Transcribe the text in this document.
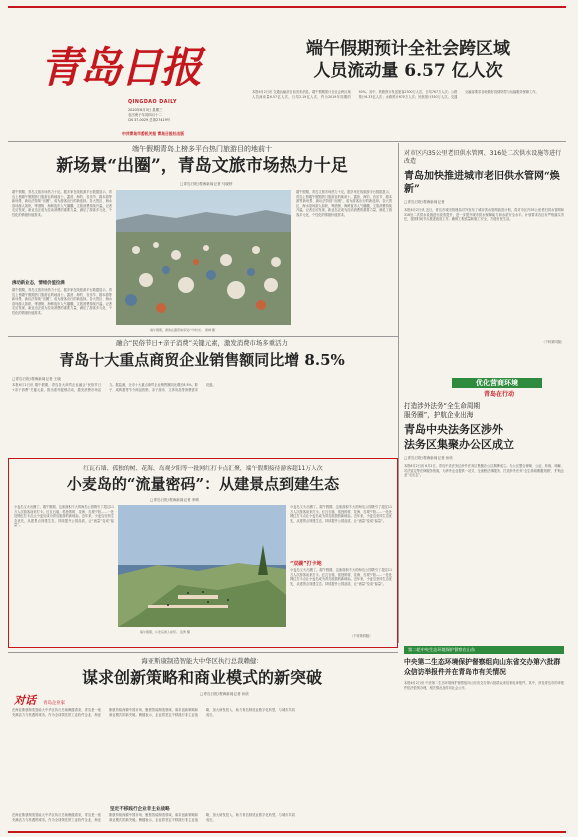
青岛日报
QINGDAO DAILY
2020年6月3日 星期三
农历庚子年闰四月十二
CN 37-0029 总第27419号
中共青岛市委机关报 青岛日报社出版
端午假期预计全社会跨区域
人员流动量 6.57 亿人次
本报6月2日讯 交通运输部日前发布消息，端午假期预计全社会跨区域人员流动量6.57亿人次，日均2.19亿人次，约为2019年同期的50%。其中，铁路预计发送旅客2300万人次，日均767万人次；公路预计6.33亿人次；水路预计670万人次；民航预计350万人次。交通运输部要求各地做好疫情防控与运输服务保障工作。
端午假期青岛上榜多平台热门旅游目的地前十
新场景“出圈”，青岛文旅市场热力十足
□青岛日报/观海新闻记者 马晓婷
端午假期，青岛文旅市场热力十足。据多家在线旅游平台数据显示，青岛上榜端午假期热门旅游目的地前十。露营、海钓、音乐节、剧本游等新场景、新玩法持续“出圈”，成为游客出行的新选择。各大景区、海水浴场游人如织，啤酒街、海鲜夜市人气爆棚，文旅消费持续升温。记者走访发现，新业态正成为拉动消费的重要力量，满足了游客多元化、个性化的情绪价值需求。
沸动新业态，情绪价值拉满
端午假期，青岛文旅市场热力十足。据多家在线旅游平台数据显示，青岛上榜端午假期热门旅游目的地前十。露营、海钓、音乐节、剧本游等新场景、新玩法持续“出圈”，成为游客出行的新选择。各大景区、海水浴场游人如织，啤酒街、海鲜夜市人气爆棚，文旅消费持续升温。记者走访发现，新业态正成为拉动消费的重要力量，满足了游客多元化、个性化的情绪价值需求。
端午假期，游客在露营地享受户外时光。 梁城 摄
端午假期，青岛文旅市场热力十足。据多家在线旅游平台数据显示，青岛上榜端午假期热门旅游目的地前十。露营、海钓、音乐节、剧本游等新场景、新玩法持续“出圈”，成为游客出行的新选择。各大景区、海水浴场游人如织，啤酒街、海鲜夜市人气爆棚，文旅消费持续升温。记者走访发现，新业态正成为拉动消费的重要力量，满足了游客多元化、个性化的情绪价值需求。
对市区内35公里老旧供水管网、316处二次供水设施等进行改造
青岛加快推进城市老旧供水管网“焕新”
□青岛日报/观海新闻记者
本报6月2日讯 近日，青岛市城市管理局对外发布了城市供水管网改造计划，将对市区内35公里老旧供水管网和316处二次供水设施进行改造提升，进一步提升城市供水保障能力和水质安全水平。计划要求各区市严格落实责任，按照时间节点推进改造工作，确保工程质量和施工安全，方便市民生活。
（下转第四版）
优化营商环境
青岛在行动
打造涉外法务“全生命周期
服务圈”，护航企业出海
青岛中央法务区涉外
法务区集聚办公区成立
□青岛日报/观海新闻记者 孙欣
本报6月2日讯 6月2日，青岛中央法务区涉外法务区集聚办公区揭牌成立。办公区整合律师、公证、仲裁、调解、司法鉴定等法律服务资源，为涉外企业提供一站式、全流程法律服务，打造涉外法务“全生命周期服务圈”，护航企业“走出去”。
第二轮中央生态环境保护督察在山东
中央第二生态环境保护督察组向山东省交办第六批群众信访举报件并在青岛市有关情况
本报6月2日讯 中央第二生态环境保护督察组向山东省交办第六批群众来信来电举报件。其中，涉及青岛市的举报件依法依规办理，相关情况及时向社会公开。
融合“民俗节日+亲子消费”关键元素，激发消费市场多重活力
青岛十大重点商贸企业销售额同比增 8.5%
□青岛日报/观海新闻记者 王晓
本报6月2日讯 端午假期，青岛各大商贸企业融合“民俗节日+亲子消费”关键元素，推出系列促销活动，激发消费市场活力。据监测，全市十大重点商贸企业销售额同比增长8.5%。粽子、咸鸭蛋等节令商品热销，亲子游乐、文体用品等消费需求旺盛。
红瓦石墙、孤独的树、花海、岛观夕阳等一批网红打卡点汇聚，端午假期接待游客超11万人次
小麦岛的“流量密码”：从建景点到建生态
□青岛日报/观海新闻记者 李晴
小麦岛又火出圈了。端午假期，这座面积不大的海岛公园吸引了超过11万人次游客前来打卡。红瓦石墙、孤独的树、花海、岛观夕阳……一处处网红打卡点让小麦岛成为青岛旅游的新地标。近年来，小麦岛坚持生态优先，从建景点到建生态，持续提升公园品质，让“流量”变成“留量”。
端午假期，小麦岛游人如织。 苗勇 摄
“双碳”打卡地
小麦岛又火出圈了。端午假期，这座面积不大的海岛公园吸引了超过11万人次游客前来打卡。红瓦石墙、孤独的树、花海、岛观夕阳……一处处网红打卡点让小麦岛成为青岛旅游的新地标。近年来，小麦岛坚持生态优先，从建景点到建生态，持续提升公园品质，让“流量”变成“留量”。
小麦岛又火出圈了。端午假期，这座面积不大的海岛公园吸引了超过11万人次游客前来打卡。红瓦石墙、孤独的树、花海、岛观夕阳……一处处网红打卡点让小麦岛成为青岛旅游的新地标。近年来，小麦岛坚持生态优先，从建景点到建生态，持续提升公园品质，让“流量”变成“留量”。
（下转第四版）
海亚斯康制造智能大中华区执行总裁赖健：
谋求创新策略和商业模式的新突破
□青岛日报/观海新闻记者 孙欣
对话 青岛企业家
在海亚斯康制造智能大中华区执行总裁赖健看来，青岛是一座充满活力与机遇的城市。作为全球领先的工业软件企业，海亚斯康持续深耕中国市场，聚焦智能制造领域，谋求创新策略和商业模式的新突破。赖健表示，企业将坚定不移践行非主业战略，加大研发投入，助力青岛制造业数字化转型，与城市共同成长。
坚定不移践行企业非主业战略
在海亚斯康制造智能大中华区执行总裁赖健看来，青岛是一座充满活力与机遇的城市。作为全球领先的工业软件企业，海亚斯康持续深耕中国市场，聚焦智能制造领域，谋求创新策略和商业模式的新突破。赖健表示，企业将坚定不移践行非主业战略，加大研发投入，助力青岛制造业数字化转型，与城市共同成长。
